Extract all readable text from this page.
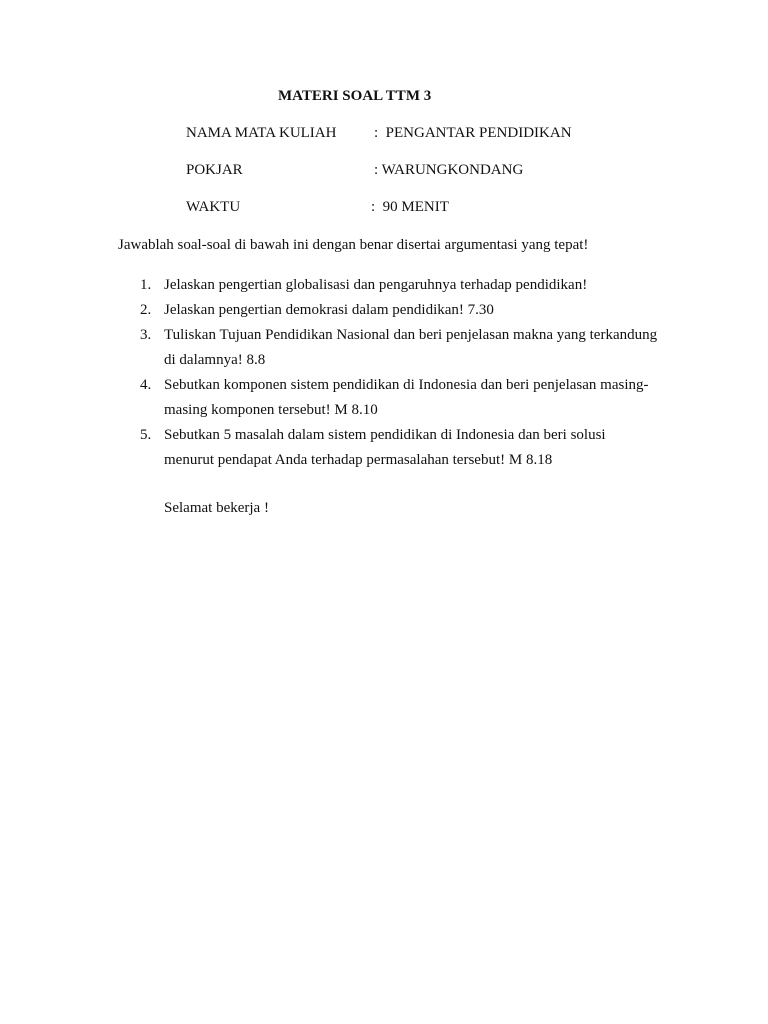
MATERI SOAL TTM 3
NAMA MATA KULIAH	:  PENGANTAR PENDIDIKAN
POKJAR	: WARUNGKONDANG
WAKTU	:  90 MENIT
Jawablah soal-soal di bawah ini dengan benar disertai argumentasi yang tepat!
1. Jelaskan pengertian globalisasi dan pengaruhnya terhadap pendidikan!
2. Jelaskan pengertian demokrasi dalam pendidikan! 7.30
3. Tuliskan Tujuan Pendidikan Nasional dan beri penjelasan makna yang terkandung
di dalamnya! 8.8
4. Sebutkan komponen sistem pendidikan di Indonesia dan beri penjelasan masing-
masing komponen tersebut! M 8.10
5. Sebutkan 5 masalah dalam sistem pendidikan di Indonesia dan beri solusi
menurut pendapat Anda terhadap permasalahan tersebut! M 8.18
Selamat bekerja !
